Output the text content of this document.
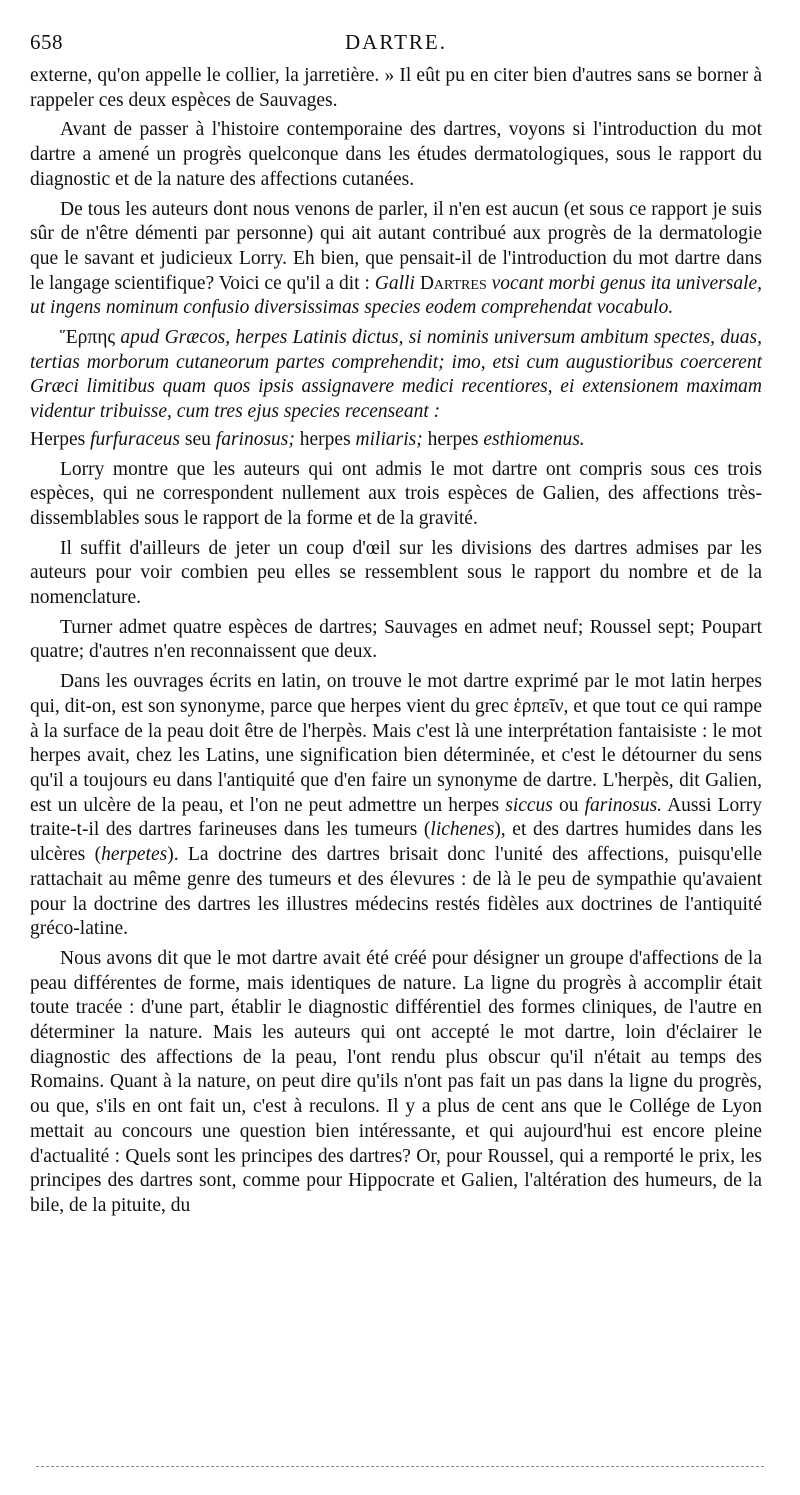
658	DARTRE.

externe, qu'on appelle le collier, la jarretière. » Il eût pu en citer bien d'autres sans se borner à rappeler ces deux espèces de Sauvages.

Avant de passer à l'histoire contemporaine des dartres, voyons si l'introduction du mot dartre a amené un progrès quelconque dans les études dermatologiques, sous le rapport du diagnostic et de la nature des affections cutanées.

De tous les auteurs dont nous venons de parler, il n'en est aucun (et sous ce rapport je suis sûr de n'être démenti par personne) qui ait autant contribué aux progrès de la dermatologie que le savant et judicieux Lorry. Eh bien, que pensait-il de l'introduction du mot dartre dans le langage scientifique? Voici ce qu'il a dit : Galli Dartres vocant morbi genus ita universale, ut ingens nominum confusio diversissimas species eodem comprehendat vocabulo.

Ἕρπης apud Græcos, herpes Latinis dictus, si nominis universum ambitum spectes, duas, tertias morborum cutaneorum partes comprehendit; imo, etsi cum augustioribus coercerent Græci limitibus quam quos ipsis assignavere medici recentiores, ei extensionem maximam videntur tribuisse, cum tres ejus species recenseant :

Herpes furfuraceus seu farinosus; herpes miliaris; herpes esthiomenus.

Lorry montre que les auteurs qui ont admis le mot dartre ont compris sous ces trois espèces, qui ne correspondent nullement aux trois espèces de Galien, des affections très-dissemblables sous le rapport de la forme et de la gravité.

Il suffit d'ailleurs de jeter un coup d'œil sur les divisions des dartres admises par les auteurs pour voir combien peu elles se ressemblent sous le rapport du nombre et de la nomenclature.

Turner admet quatre espèces de dartres; Sauvages en admet neuf; Roussel sept; Poupart quatre; d'autres n'en reconnaissent que deux.

Dans les ouvrages écrits en latin, on trouve le mot dartre exprimé par le mot latin herpes qui, dit-on, est son synonyme, parce que herpes vient du grec ἑρπεῖν, et que tout ce qui rampe à la surface de la peau doit être de l'herpès. Mais c'est là une interprétation fantaisiste : le mot herpes avait, chez les Latins, une signification bien déterminée, et c'est le détourner du sens qu'il a toujours eu dans l'antiquité que d'en faire un synonyme de dartre. L'herpès, dit Galien, est un ulcère de la peau, et l'on ne peut admettre un herpes siccus ou farinosus. Aussi Lorry traite-t-il des dartres farineuses dans les tumeurs (lichenes), et des dartres humides dans les ulcères (herpetes). La doctrine des dartres brisait donc l'unité des affections, puisqu'elle rattachait au même genre des tumeurs et des élevures : de là le peu de sympathie qu'avaient pour la doctrine des dartres les illustres médecins restés fidèles aux doctrines de l'antiquité gréco-latine.

Nous avons dit que le mot dartre avait été créé pour désigner un groupe d'affections de la peau différentes de forme, mais identiques de nature. La ligne du progrès à accomplir était toute tracée : d'une part, établir le diagnostic différentiel des formes cliniques, de l'autre en déterminer la nature. Mais les auteurs qui ont accepté le mot dartre, loin d'éclairer le diagnostic des affections de la peau, l'ont rendu plus obscur qu'il n'était au temps des Romains. Quant à la nature, on peut dire qu'ils n'ont pas fait un pas dans la ligne du progrès, ou que, s'ils en ont fait un, c'est à reculons. Il y a plus de cent ans que le Collége de Lyon mettait au concours une question bien intéressante, et qui aujourd'hui est encore pleine d'actualité : Quels sont les principes des dartres? Or, pour Roussel, qui a remporté le prix, les principes des dartres sont, comme pour Hippocrate et Galien, l'altération des humeurs, de la bile, de la pituite, du
